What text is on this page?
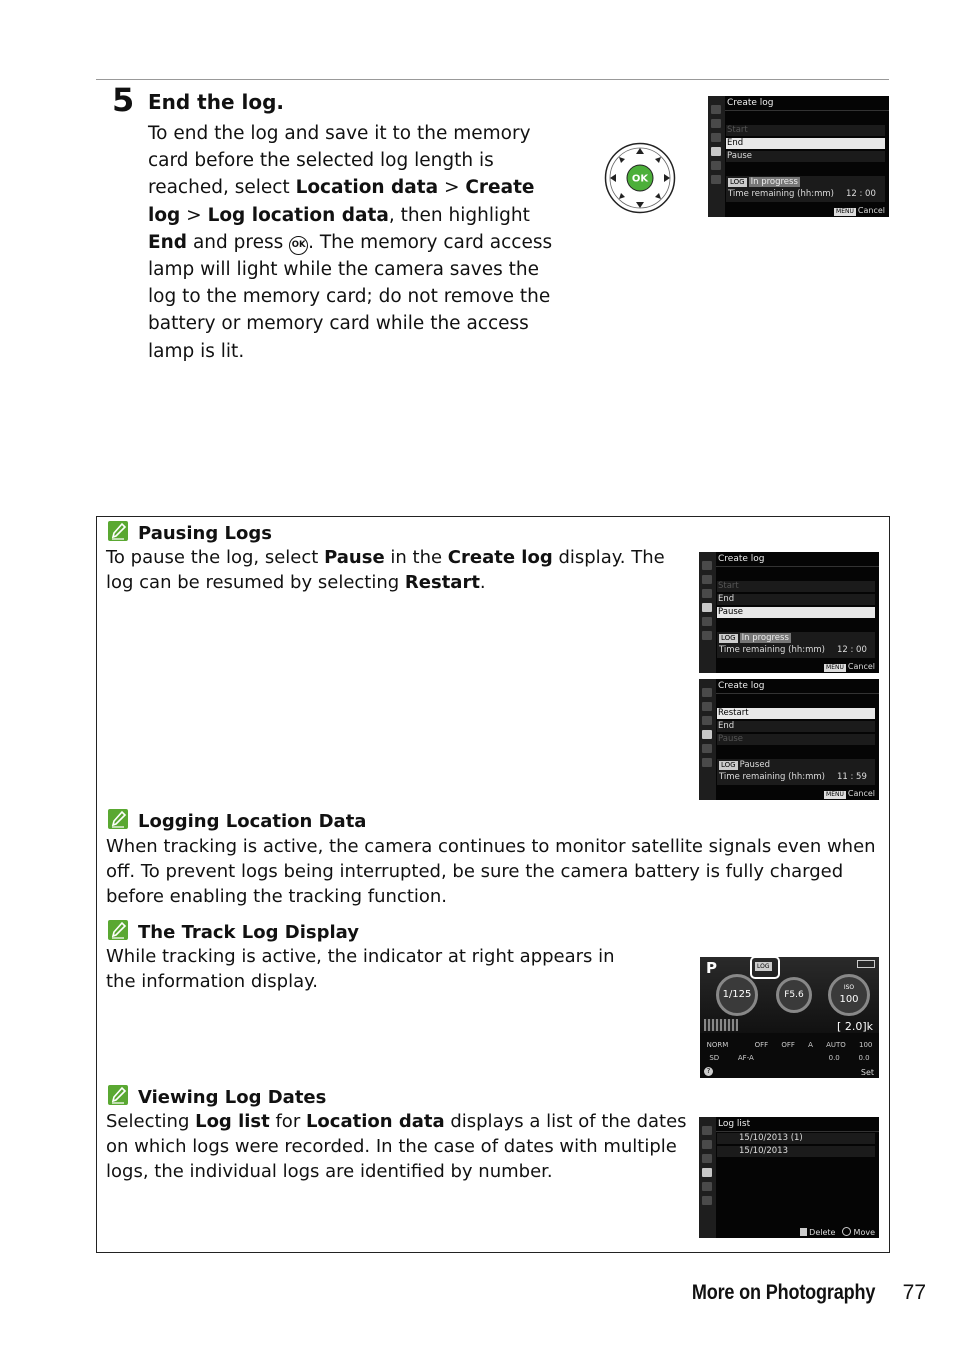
5 End the log.
To end the log and save it to the memory card before the selected log length is reached, select Location data > Create log > Log location data, then highlight End and press OK . The memory card access lamp will light while the camera saves the log to the memory card; do not remove the battery or memory card while the access lamp is lit.
OK
Create log
Start
End
Pause
LOG In progress
Time remaining (hh:mm) 12 : 00
MENU Cancel
Pausing Logs
To pause the log, select Pause in the Create log display. The log can be resumed by selecting Restart.
Create log
Start
End
Pause
LOG In progress
Time remaining (hh:mm) 12 : 00
MENU Cancel
Create log
Restart
End
Pause
LOG Paused
Time remaining (hh:mm) 11 : 59
MENU Cancel
Logging Location Data
When tracking is active, the camera continues to monitor satellite signals even when off. To prevent logs being interrupted, be sure the camera battery is fully charged before enabling the tracking function.
The Track Log Display
While tracking is active, the indicator at right appears in the information display.
P	LOG
1/125	F5.6
ISO
100
[ 2.0]k
NORM	OFF OFF A AUTO 100
SD	AF-A	0.0	0.0
?	Set
Viewing Log Dates
Selecting Log list for Location data displays a list of the dates on which logs were recorded. In the case of dates with multiple logs, the individual logs are identified by number.
Log list
15/10/2013 (1)
15/10/2013
Delete Move
More on Photography 77
